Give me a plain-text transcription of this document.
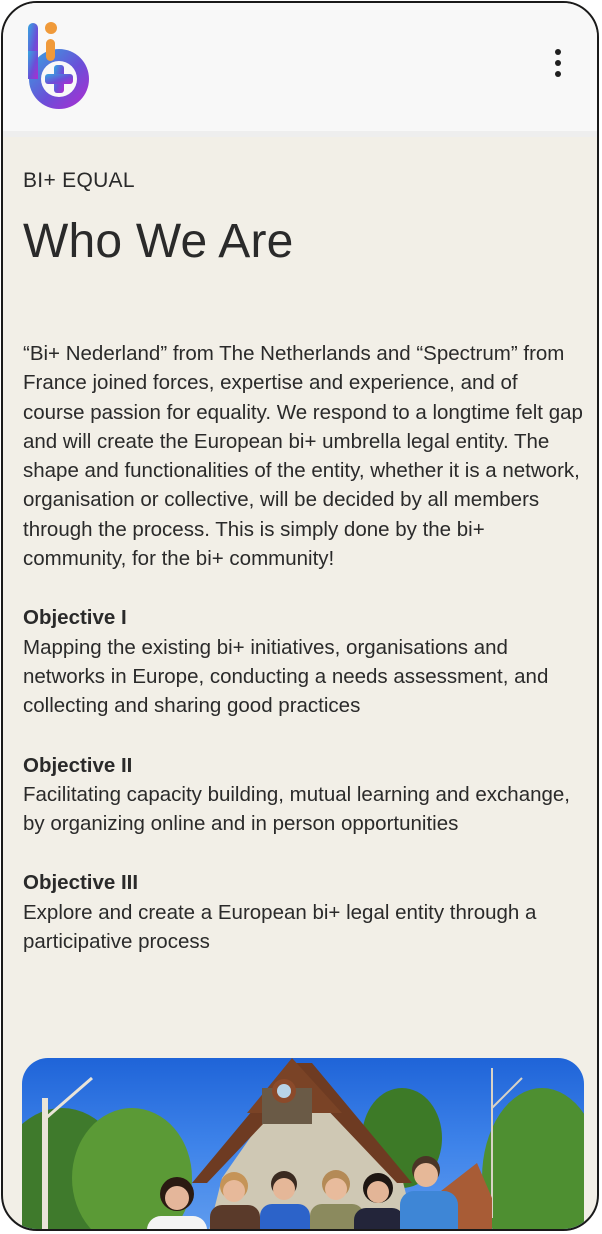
BI+ EQUAL
Who We Are

“Bi+ Nederland” from The Netherlands and “Spectrum” from France joined forces, expertise and experience, and of course passion for equality. We respond to a longtime felt gap and will create the European bi+ umbrella legal entity. The shape and functionalities of the entity, whether it is a network, organisation or collective, will be decided by all members through the process. This is simply done by the bi+ community, for the bi+ community!

Objective I

Mapping the existing bi+ initiatives, organisations and networks in Europe, conducting a needs assessment, and collecting and sharing good practices

Objective II

Facilitating capacity building, mutual learning and exchange, by organizing online and in person opportunities

Objective III

Explore and create a European bi+ legal entity through a participative process
